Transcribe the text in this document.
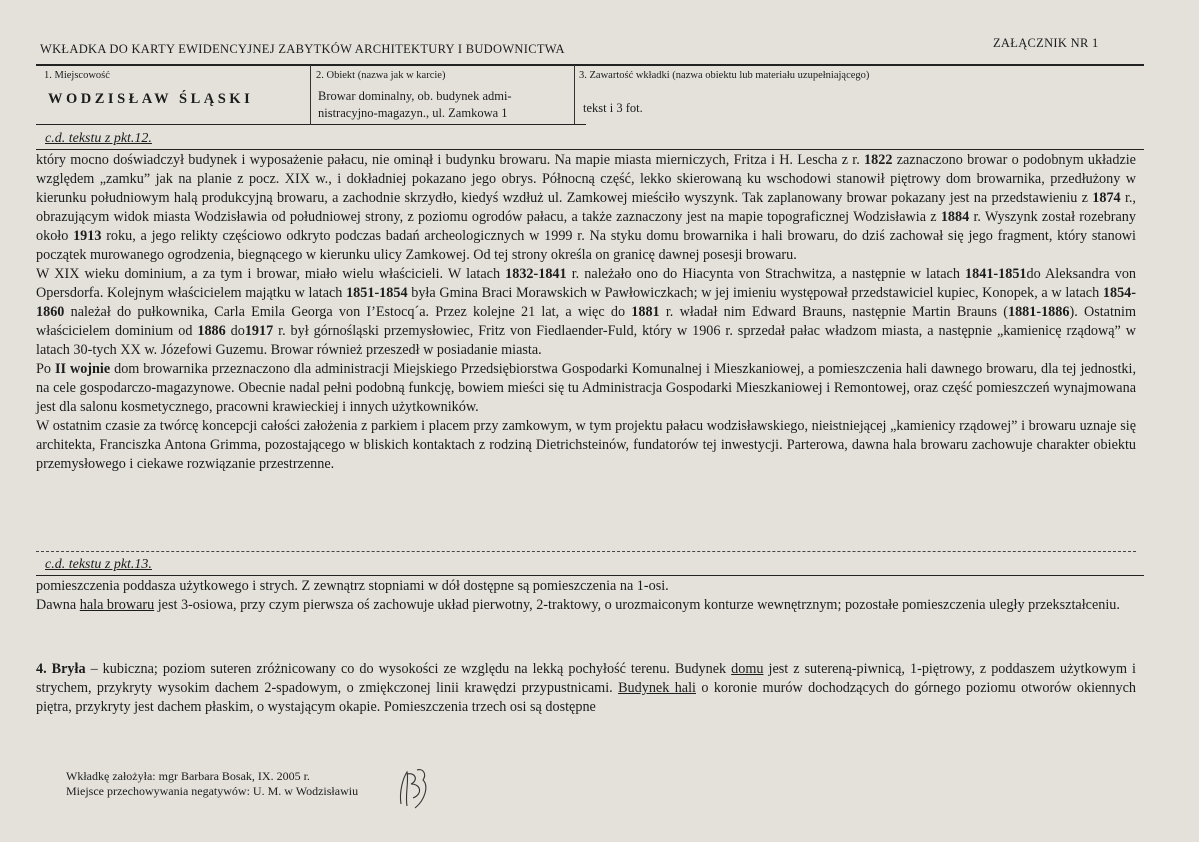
WKŁADKA DO KARTY EWIDENCYJNEJ ZABYTKÓW ARCHITEKTURY I BUDOWNICTWA	ZAŁĄCZNIK NR 1
1. Miejscowość
WODZISŁAW ŚLĄSKI
2. Obiekt (nazwa jak w karcie)
Browar dominalny, ob. budynek admi-
nistracyjno-magazyn., ul. Zamkowa 1
3. Zawartość wkładki (nazwa obiektu lub materiału uzupełniającego)
tekst i 3 fot.
c.d. tekstu z pkt.12.

który mocno doświadczył budynek i wyposażenie pałacu, nie ominął i budynku browaru. Na mapie miasta mierniczych, Fritza i H. Lescha z r. 1822 zaznaczono browar o podobnym układzie względem „zamku” jak na planie z pocz. XIX w., i dokładniej pokazano jego obrys. Północną część, lekko skierowaną ku wschodowi stanowił piętrowy dom browarnika, przedłużony w kierunku południowym halą produkcyjną browaru, a zachodnie skrzydło, kiedyś wzdłuż ul. Zamkowej mieściło wyszynk. Tak zaplanowany browar pokazany jest na przedstawieniu z 1874 r., obrazującym widok miasta Wodzisławia od południowej strony, z poziomu ogrodów pałacu, a także zaznaczony jest na mapie topograficznej Wodzisławia z 1884 r. Wyszynk został rozebrany około 1913 roku, a jego relikty częściowo odkryto podczas badań archeologicznych w 1999 r. Na styku domu browarnika i hali browaru, do dziś zachował się jego fragment, który stanowi początek murowanego ogrodzenia, biegnącego w kierunku ulicy Zamkowej. Od tej strony określa on granicę dawnej posesji browaru.

W XIX wieku dominium, a za tym i browar, miało wielu właścicieli. W latach 1832-1841 r. należało ono do Hiacynta von Strachwitza, a następnie w latach 1841-1851do Aleksandra von Opersdorfa. Kolejnym właścicielem majątku w latach 1851-1854 była Gmina Braci Morawskich w Pawłowiczkach; w jej imieniu występował przedstawiciel kupiec, Konopek, a w latach 1854-1860 należał do pułkownika, Carla Emila Georga von I’Estocq´a. Przez kolejne 21 lat, a więc do 1881 r. władał nim Edward Brauns, następnie Martin Brauns (1881-1886). Ostatnim właścicielem dominium od 1886 do1917 r. był górnośląski przemysłowiec, Fritz von Fiedlaender-Fuld, który w 1906 r. sprzedał pałac władzom miasta, a następnie „kamienicę rządową” w latach 30-tych XX w. Józefowi Guzemu. Browar również przeszedł w posiadanie miasta.

Po II wojnie dom browarnika przeznaczono dla administracji Miejskiego Przedsiębiorstwa Gospodarki Komunalnej i Mieszkaniowej, a pomieszczenia hali dawnego browaru, dla tej jednostki, na cele gospodarczo-magazynowe. Obecnie nadal pełni podobną funkcję, bowiem mieści się tu Administracja Gospodarki Mieszkaniowej i Remontowej, oraz część pomieszczeń wynajmowana jest dla salonu kosmetycznego, pracowni krawieckiej i innych użytkowników.

W ostatnim czasie za twórcę koncepcji całości założenia z parkiem i placem przy zamkowym, w tym projektu pałacu wodzisławskiego, nieistniejącej „kamienicy rządowej” i browaru uznaje się architekta, Franciszka Antona Grimma, pozostającego w bliskich kontaktach z rodziną Dietrichsteinów, fundatorów tej inwestycji. Parterowa, dawna hala browaru zachowuje charakter obiektu przemysłowego i ciekawe rozwiązanie przestrzenne.

c.d. tekstu z pkt.13.

pomieszczenia poddasza użytkowego i strych. Z zewnątrz stopniami w dół dostępne są pomieszczenia na 1-osi.

Dawna hala browaru jest 3-osiowa, przy czym pierwsza oś zachowuje układ pierwotny, 2-traktowy, o urozmaiconym konturze wewnętrznym; pozostałe pomieszczenia uległy przekształceniu.

4. Bryła – kubiczna; poziom suteren zróżnicowany co do wysokości ze względu na lekką pochyłość terenu. Budynek domu jest z sutereną-piwnicą, 1-piętrowy, z poddaszem użytkowym i strychem, przykryty wysokim dachem 2-spadowym, o zmiękczonej linii krawędzi przypustnicami. Budynek hali o koronie murów dochodzących do górnego poziomu otworów okiennych piętra, przykryty jest dachem płaskim, o wystającym okapie. Pomieszczenia trzech osi są dostępne

Wkładkę założyła: mgr Barbara Bosak, IX. 2005 r.
Miejsce przechowywania negatywów: U. M. w Wodzisławiu
